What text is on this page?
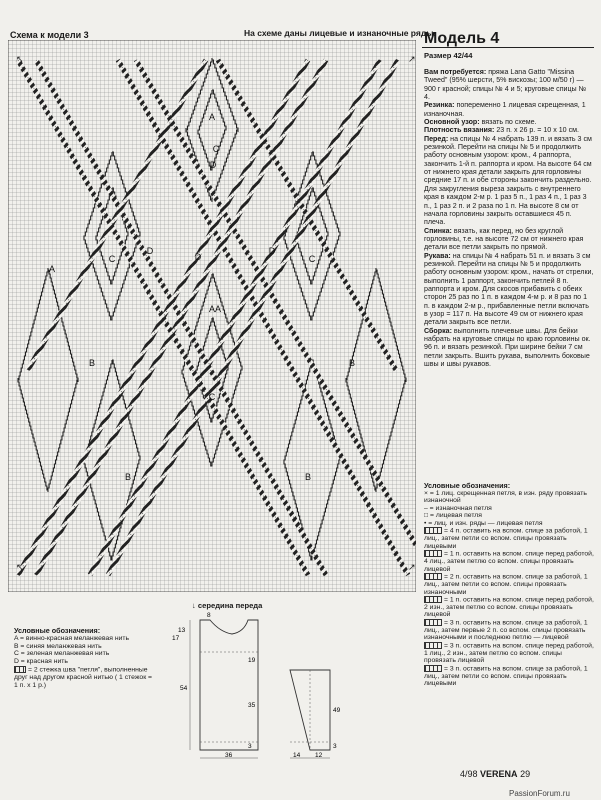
Схема к модели 3	На схеме даны лицевые и изнаночные ряды.
↖	↗
↖	↗
A
A
A
A
B	B
B	B
C	C
C
C
D	D
D
D
Модель 4
Размер 42/44

Вам потребуется: пряжа Lana Gatto "Missina Tweed" (95% шерсти, 5% вискозы; 100 м/50 г) — 900 г красной; спицы № 4 и 5; круговые спицы № 4.

Резинка: попеременно 1 лицевая скрещенная, 1 изнаночная.

Основной узор: вязать по схеме.

Плотность вязания: 23 п. х 26 р. = 10 х 10 см.

Перед: на спицы № 4 набрать 139 п. и вязать 3 см резинкой. Перейти на спицы № 5 и продолжить работу основным узором: кром., 4 раппорта, закончить 1-й п. раппорта и кром. На высоте 64 см от нижнего края детали закрыть для горловины средние 17 п. и обе стороны закончить раздельно. Для закругления выреза закрыть с внутреннего края в каждом 2-м р. 1 раз 5 п., 1 раз 4 п., 1 раз 3 п., 1 раз 2 п. и 2 раза по 1 п. На высоте 8 см от начала горловины закрыть оставшиеся 45 п. плеча.

Спинка: вязать, как перед, но без круглой горловины, т.е. на высоте 72 см от нижнего края детали все петли закрыть по прямой.

Рукава: на спицы № 4 набрать 51 п. и вязать 3 см резинкой. Перейти на спицы № 5 и продолжить работу основным узором: кром., начать от стрелки, выполнить 1 раппорт, закончить петлей 8 п. раппорта и кром. Для скосов прибавить с обеих сторон 25 раз по 1 п. в каждом 4-м р. и 8 раз по 1 п. в каждом 2-м р., прибавленные петли включать в узор = 117 п. На высоте 49 см от нижнего края детали закрыть все петли.

Сборка: выполнить плечевые швы. Для бейки набрать на круговые спицы по краю горловины ок. 96 п. и вязать резинкой. При ширине бейки 7 см петли закрыть. Вшить рукава, выполнить боковые швы и швы рукавов.

Условные обозначения:

× = 1 лиц. скрещенная петля, в изн. ряду провязать изнаночной

– = изнаночная петля

□ = лицевая петля

• = лиц. и изн. ряды — лицевая петля

= 4 п. оставить на вспом. спице за работой, 1 лиц., затем петли со вспом. спицы провязать лицевыми

= 1 п. оставить на вспом. спице перед работой, 4 лиц., затем петлю со вспом. спицы провязать лицевой

= 2 п. оставить на вспом. спице за работой, 1 лиц., затем петли со вспом. спицы провязать изнаночными

= 1 п. оставить на вспом. спице перед работой, 2 изн., затем петлю со вспом. спицы провязать лицевой

= 3 п. оставить на вспом. спице за работой, 1 лиц., затем первые 2 п. со вспом. спицы провязать изнаночными и последнюю петлю — лицевой

= 3 п. оставить на вспом. спице перед работой, 1 лиц., 2 изн., затем петлю со вспом. спицы провязать лицевой

= 3 п. оставить на вспом. спице за работой, 1 лиц., затем петли со вспом. спицы провязать лицевыми

↓ середина переда
Условные обозначения:

A = винно-красная меланжевая нить

B = синяя меланжевая нить

C = зеленая меланжевая нить

D = красная нить

= 2 стежка шва "петля", выполненные друг над другом красной нитью ( 1 стежок = 1 п. x 1 р.)

13
8
17
19
35
54
3
36
49
3
14 12
4/98 VERENA 29
PassionForum.ru
